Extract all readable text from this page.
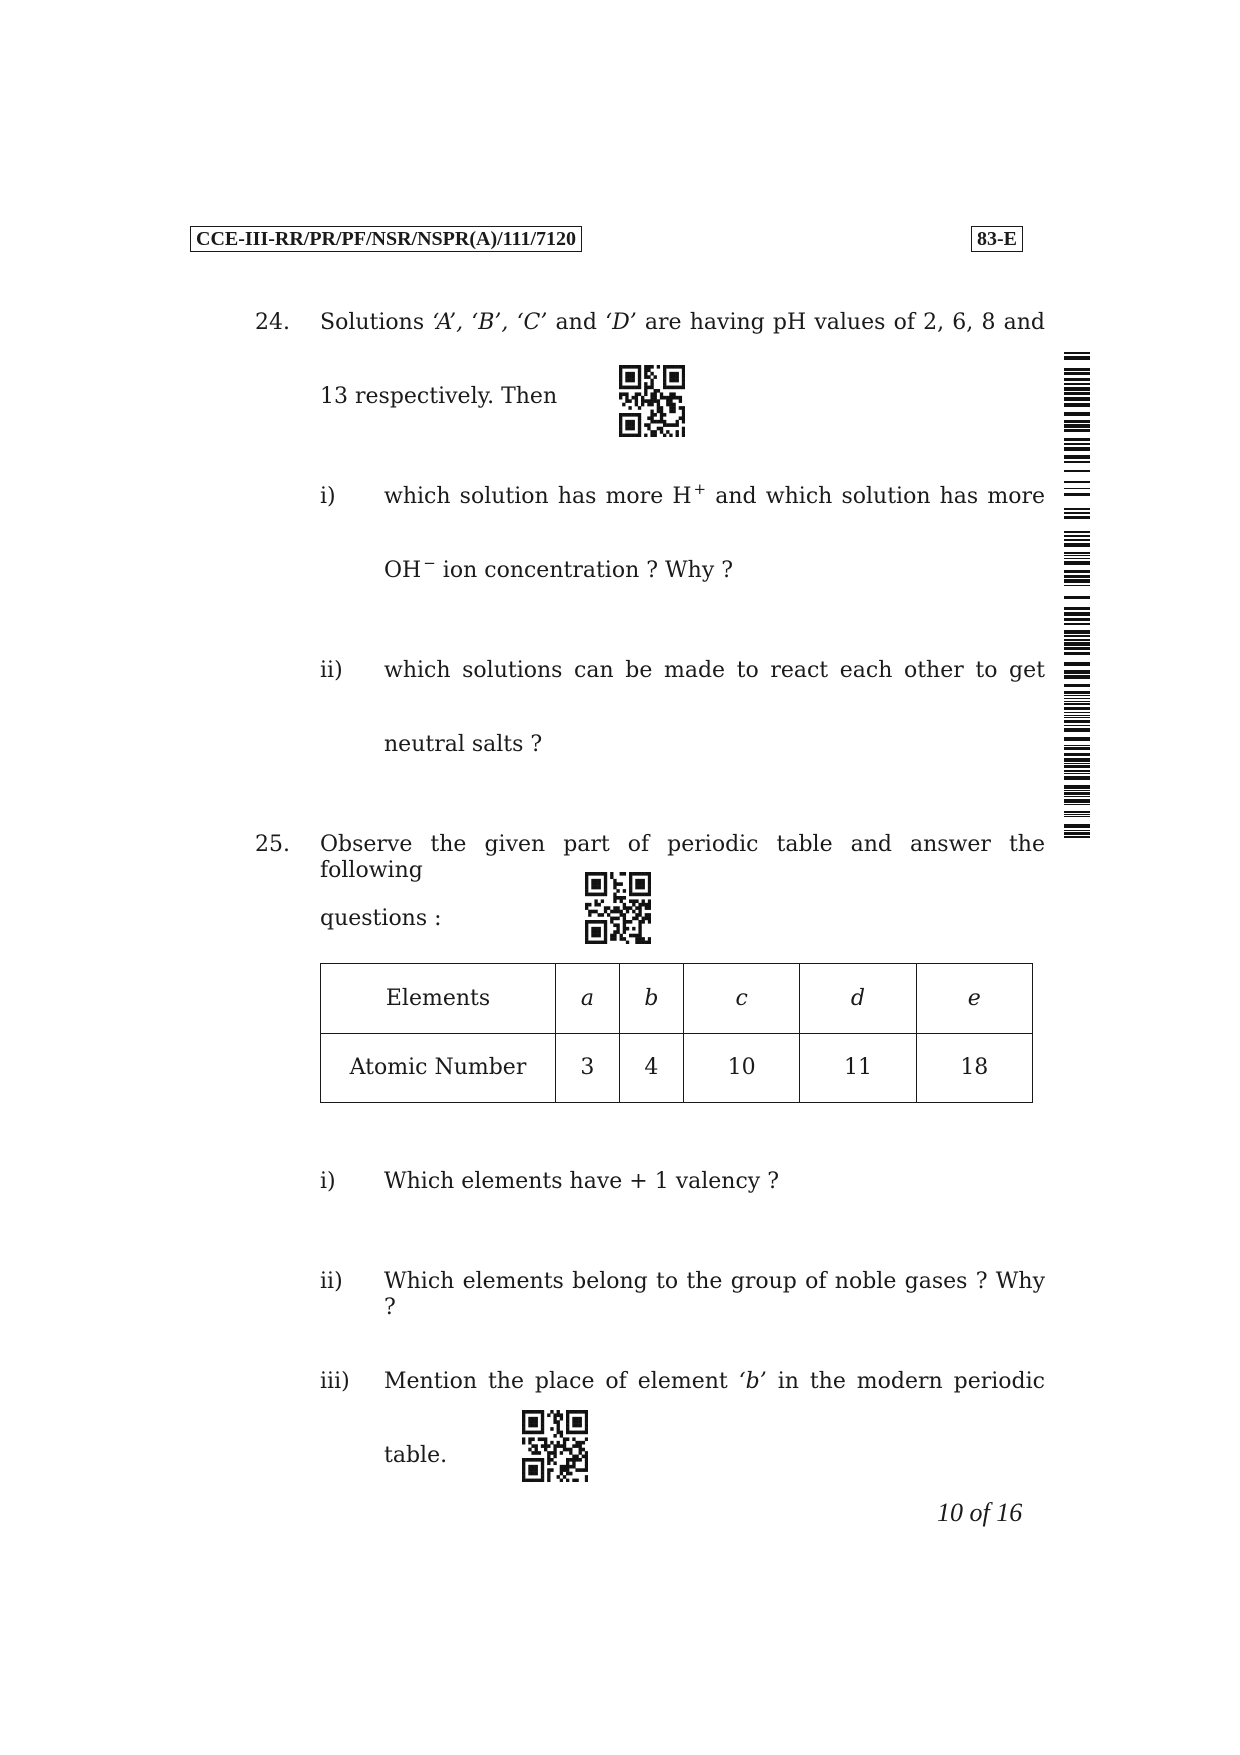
CCE-III-RR/PR/PF/NSR/NSPR(A)/111/7120	83-E
24. Solutions ‘A’, ‘B’, ‘C’ and ‘D’ are having pH values of 2, 6, 8 and
13 respectively. Then
i) which solution has more H + and which solution has more
OH − ion concentration ? Why ?
ii) which solutions can be made to react each other to get
neutral salts ?
25. Observe the given part of periodic table and answer the following
questions :
Elements	a	b	c	d	e
Atomic Number	3	4	10	11	18
i) Which elements have + 1 valency ?
ii) Which elements belong to the group of noble gases ? Why ?
iii) Mention the place of element ‘b’ in the modern periodic
table.
10 of 16
